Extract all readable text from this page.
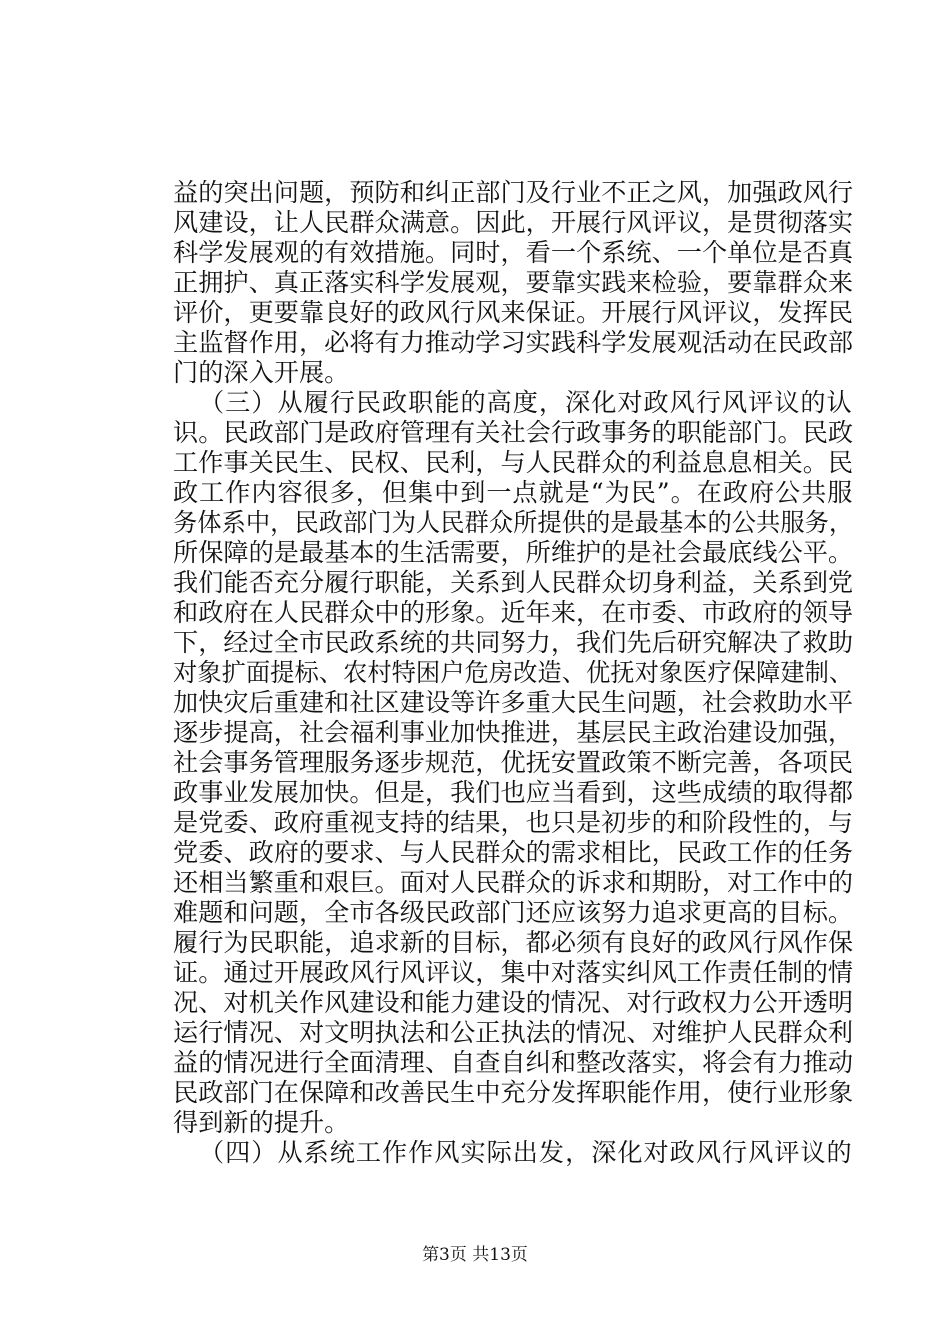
益的突出问题，预防和纠正部门及行业不正之风，加强政风行
风建设，让人民群众满意。因此，开展行风评议，是贯彻落实
科学发展观的有效措施。同时，看一个系统、一个单位是否真
正拥护、真正落实科学发展观，要靠实践来检验，要靠群众来
评价，更要靠良好的政风行风来保证。开展行风评议，发挥民
主监督作用，必将有力推动学习实践科学发展观活动在民政部
门的深入开展。
（三）从履行民政职能的高度，深化对政风行风评议的认
识。民政部门是政府管理有关社会行政事务的职能部门。民政
工作事关民生、民权、民利，与人民群众的利益息息相关。民
政工作内容很多，但集中到一点就是“为民”。在政府公共服
务体系中，民政部门为人民群众所提供的是最基本的公共服务，
所保障的是最基本的生活需要，所维护的是社会最底线公平。
我们能否充分履行职能，关系到人民群众切身利益，关系到党
和政府在人民群众中的形象。近年来，在市委、市政府的领导
下，经过全市民政系统的共同努力，我们先后研究解决了救助
对象扩面提标、农村特困户危房改造、优抚对象医疗保障建制、
加快灾后重建和社区建设等许多重大民生问题，社会救助水平
逐步提高，社会福利事业加快推进，基层民主政治建设加强，
社会事务管理服务逐步规范，优抚安置政策不断完善，各项民
政事业发展加快。但是，我们也应当看到，这些成绩的取得都
是党委、政府重视支持的结果，也只是初步的和阶段性的，与
党委、政府的要求、与人民群众的需求相比，民政工作的任务
还相当繁重和艰巨。面对人民群众的诉求和期盼，对工作中的
难题和问题，全市各级民政部门还应该努力追求更高的目标。
履行为民职能，追求新的目标，都必须有良好的政风行风作保
证。通过开展政风行风评议，集中对落实纠风工作责任制的情
况、对机关作风建设和能力建设的情况、对行政权力公开透明
运行情况、对文明执法和公正执法的情况、对维护人民群众利
益的情况进行全面清理、自查自纠和整改落实，将会有力推动
民政部门在保障和改善民生中充分发挥职能作用，使行业形象
得到新的提升。
（四）从系统工作作风实际出发，深化对政风行风评议的
第3页 共13页
